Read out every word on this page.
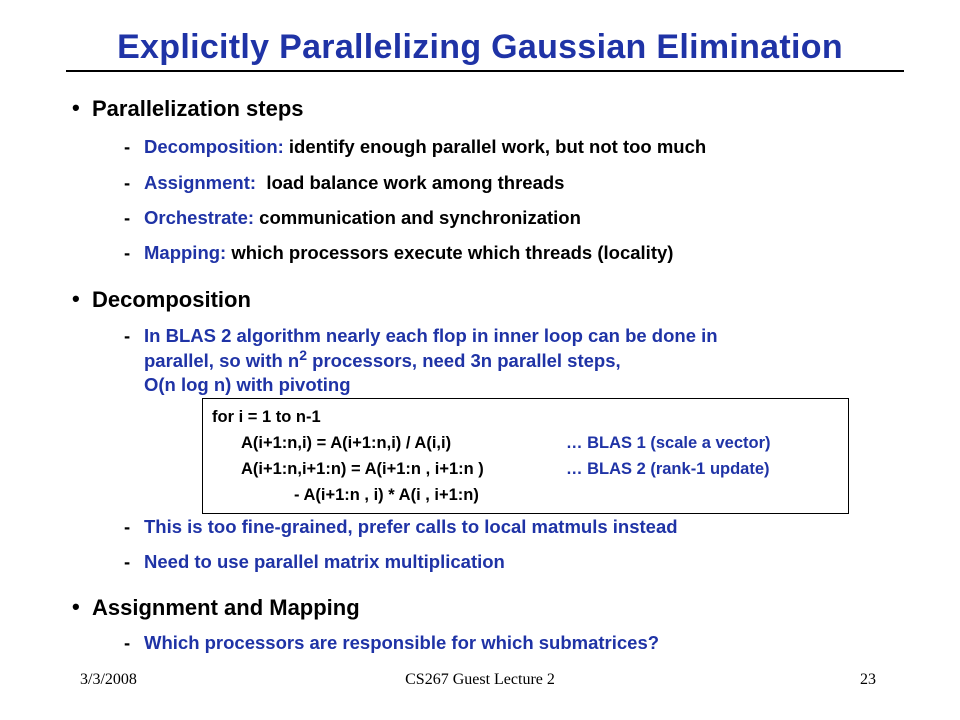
Explicitly Parallelizing Gaussian Elimination
• Parallelization steps
- Decomposition: identify enough parallel work, but not too much
- Assignment:  load balance work among threads
- Orchestrate: communication and synchronization
- Mapping: which processors execute which threads (locality)
• Decomposition
- In BLAS 2 algorithm nearly each flop in inner loop can be done in
parallel, so with $n^2$ processors, need 3n parallel steps,
O(n log n) with pivoting
for i = 1 to n-1
A(i+1:n,i) = A(i+1:n,i) / A(i,i)	… BLAS 1 (scale a vector)
A(i+1:n,i+1:n) = A(i+1:n , i+1:n )	… BLAS 2 (rank-1 update)
- A(i+1:n , i) * A(i , i+1:n)
- This is too fine-grained, prefer calls to local matmuls instead
- Need to use parallel matrix multiplication
• Assignment and Mapping
- Which processors are responsible for which submatrices?
3/3/2008	CS267 Guest Lecture 2	23
